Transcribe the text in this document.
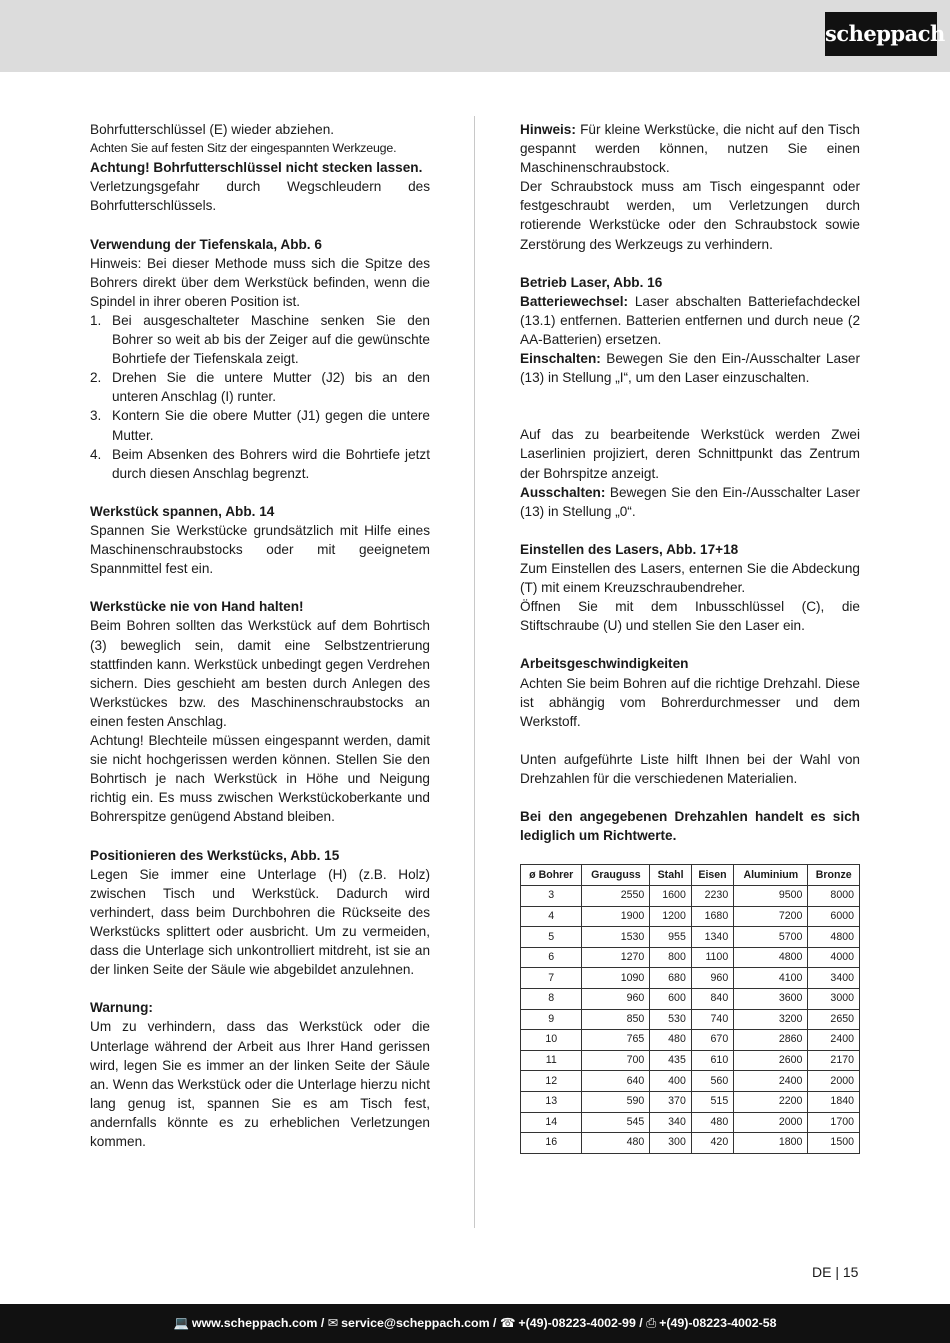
scheppach

Bohrfutterschlüssel (E) wieder abziehen.

Achten Sie auf festen Sitz der eingespannten Werkzeuge.

Achtung! Bohrfutterschlüssel nicht stecken lassen.

Verletzungsgefahr durch Wegschleudern des Bohrfutterschlüssels.

Verwendung der Tiefenskala, Abb. 6

Hinweis: Bei dieser Methode muss sich die Spitze des Bohrers direkt über dem Werkstück befinden, wenn die Spindel in ihrer oberen Position ist.

1. Bei ausgeschalteter Maschine senken Sie den Bohrer so weit ab bis der Zeiger auf die gewünschte Bohrtiefe der Tiefenskala zeigt.
2. Drehen Sie die untere Mutter (J2) bis an den unteren Anschlag (I) runter.
3. Kontern Sie die obere Mutter (J1) gegen die untere Mutter.
4. Beim Absenken des Bohrers wird die Bohrtiefe jetzt durch diesen Anschlag begrenzt.

Werkstück spannen, Abb. 14

Spannen Sie Werkstücke grundsätzlich mit Hilfe eines Maschinenschraubstocks oder mit geeignetem Spannmittel fest ein.

Werkstücke nie von Hand halten!

Beim Bohren sollten das Werkstück auf dem Bohrtisch (3) beweglich sein, damit eine Selbstzentrierung stattfinden kann. Werkstück unbedingt gegen Verdrehen sichern. Dies geschieht am besten durch Anlegen des Werkstückes bzw. des Maschinenschraubstocks an einen festen Anschlag.

Achtung! Blechteile müssen eingespannt werden, damit sie nicht hochgerissen werden können. Stellen Sie den Bohrtisch je nach Werkstück in Höhe und Neigung richtig ein. Es muss zwischen Werkstückoberkante und Bohrerspitze genügend Abstand bleiben.

Positionieren des Werkstücks, Abb. 15

Legen Sie immer eine Unterlage (H) (z.B. Holz) zwischen Tisch und Werkstück. Dadurch wird verhindert, dass beim Durchbohren die Rückseite des Werkstücks splittert oder ausbricht. Um zu vermeiden, dass die Unterlage sich unkontrolliert mitdreht, ist sie an der linken Seite der Säule wie abgebildet anzulehnen.

Warnung:

Um zu verhindern, dass das Werkstück oder die Unterlage während der Arbeit aus Ihrer Hand gerissen wird, legen Sie es immer an der linken Seite der Säule an. Wenn das Werkstück oder die Unterlage hierzu nicht lang genug ist, spannen Sie es am Tisch fest, andernfalls könnte es zu erheblichen Verletzungen kommen.

Hinweis: Für kleine Werkstücke, die nicht auf den Tisch gespannt werden können, nutzen Sie einen Maschinenschraubstock.

Der Schraubstock muss am Tisch eingespannt oder festgeschraubt werden, um Verletzungen durch rotierende Werkstücke oder den Schraubstock sowie Zerstörung des Werkzeugs zu verhindern.

Betrieb Laser, Abb. 16

Batteriewechsel: Laser abschalten Batteriefachdeckel (13.1) entfernen. Batterien entfernen und durch neue (2 AA-Batterien) ersetzen.

Einschalten: Bewegen Sie den Ein-/Ausschalter Laser (13) in Stellung „I“, um den Laser einzuschalten.

Auf das zu bearbeitende Werkstück werden Zwei Laserlinien projiziert, deren Schnittpunkt das Zentrum der Bohrspitze anzeigt.

Ausschalten: Bewegen Sie den Ein-/Ausschalter Laser (13) in Stellung „0“.

Einstellen des Lasers, Abb. 17+18

Zum Einstellen des Lasers, enternen Sie die Abdeckung (T) mit einem Kreuzschraubendreher.

Öffnen Sie mit dem Inbusschlüssel (C), die Stiftschraube (U) und stellen Sie den Laser ein.

Arbeitsgeschwindigkeiten

Achten Sie beim Bohren auf die richtige Drehzahl. Diese ist abhängig vom Bohrerdurchmesser und dem Werkstoff.

Unten aufgeführte Liste hilft Ihnen bei der Wahl von Drehzahlen für die verschiedenen Materialien.

Bei den angegebenen Drehzahlen handelt es sich lediglich um Richtwerte.

ø Bohrer	Grauguss	Stahl	Eisen	Aluminium	Bronze
3	2550	1600	2230	9500	8000
4	1900	1200	1680	7200	6000
5	1530	955	1340	5700	4800
6	1270	800	1100	4800	4000
7	1090	680	960	4100	3400
8	960	600	840	3600	3000
9	850	530	740	3200	2650
10	765	480	670	2860	2400
11	700	435	610	2600	2170
12	640	400	560	2400	2000
13	590	370	515	2200	1840
14	545	340	480	2000	1700
16	480	300	420	1800	1500
DE | 15
💻 www.scheppach.com / ✉ service@scheppach.com / ☎ +(49)-08223-4002-99 / ⎙ +(49)-08223-4002-58
